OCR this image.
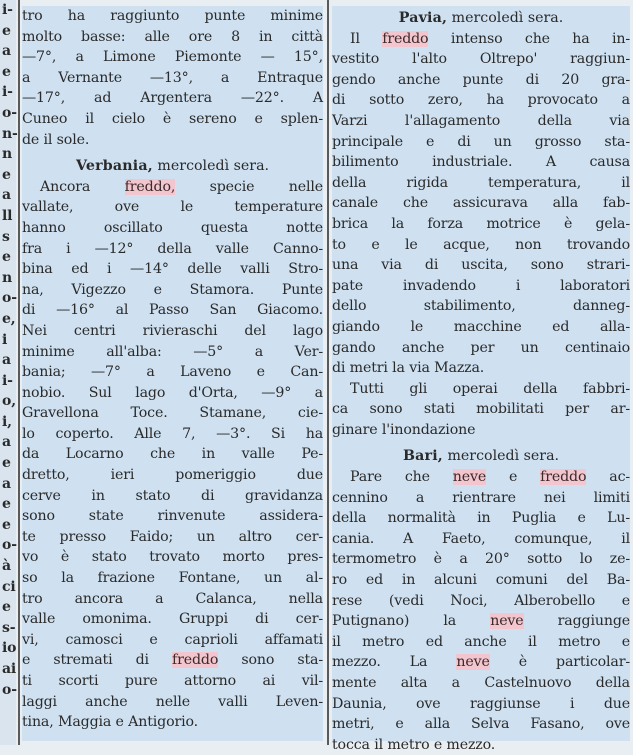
i-
e
a
e
i-
o-
n-
n
e
a
ll
s
e
n
o-
e,
i
a
i-
o,
i,
a
e
a
e
e
o-
à
ci
e
s-
io
ai
o-
tro ha raggiunto punte minime
molto basse: alle ore 8 in città
—7°, a Limone Piemonte — 15°,
a Vernante —13°, a Entraque
—17°, ad Argentera —22°. A
Cuneo il cielo è sereno e splen-
de il sole.
Verbania, mercoledì sera.
Ancora freddo, specie nelle
vallate, ove le temperature
hanno oscillato questa notte
fra i —12° della valle Canno-
bina ed i —14° delle valli Stro-
na, Vigezzo e Stamora. Punte
di —16° al Passo San Giacomo.
Nei centri rivieraschi del lago
minime all'alba: —5° a Ver-
bania; —7° a Laveno e Can-
nobio. Sul lago d'Orta, —9° a
Gravellona Toce. Stamane, cie-
lo coperto. Alle 7, —3°. Si ha
da Locarno che in valle Pe-
dretto, ieri pomeriggio due
cerve in stato di gravidanza
sono state rinvenute assidera-
te presso Faido; un altro cer-
vo è stato trovato morto pres-
so la frazione Fontane, un al-
tro ancora a Calanca, nella
valle omonima. Gruppi di cer-
vi, camosci e caprioli affamati
e stremati di freddo sono sta-
ti scorti pure attorno ai vil-
laggi anche nelle valli Leven-
tina, Maggia e Antigorio.
Pavia, mercoledì sera.
Il freddo intenso che ha in-
vestito l'alto Oltrepo' raggiun-
gendo anche punte di 20 gra-
di sotto zero, ha provocato a
Varzi l'allagamento della via
principale e di un grosso sta-
bilimento industriale. A causa
della rigida temperatura, il
canale che assicurava alla fab-
brica la forza motrice è gela-
to e le acque, non trovando
una via di uscita, sono strari-
pate invadendo i laboratori
dello stabilimento, danneg-
giando le macchine ed alla-
gando anche per un centinaio
di metri la via Mazza.
Tutti gli operai della fabbri-
ca sono stati mobilitati per ar-
ginare l'inondazione
Bari, mercoledì sera.
Pare che neve e freddo ac-
cennino a rientrare nei limiti
della normalità in Puglia e Lu-
cania. A Faeto, comunque, il
termometro è a 20° sotto lo ze-
ro ed in alcuni comuni del Ba-
rese (vedi Noci, Alberobello e
Putignano) la neve raggiunge
il metro ed anche il metro e
mezzo. La neve è particolar-
mente alta a Castelnuovo della
Daunia, ove raggiunse i due
metri, e alla Selva Fasano, ove
tocca il metro e mezzo.
